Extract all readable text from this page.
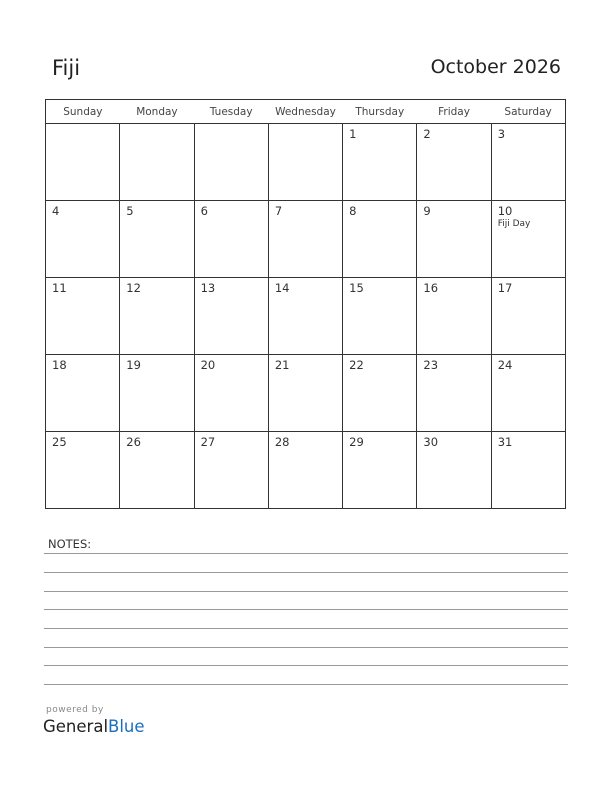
Fiji	October 2026
Sunday	Monday	Tuesday	Wednesday	Thursday	Friday	Saturday

				1	2	3

4	5	6	7	8	9	10
Fiji Day

11	12	13	14	15	16	17

18	19	20	21	22	23	24

25	26	27	28	29	30	31
NOTES:
powered by
GeneralBlue
